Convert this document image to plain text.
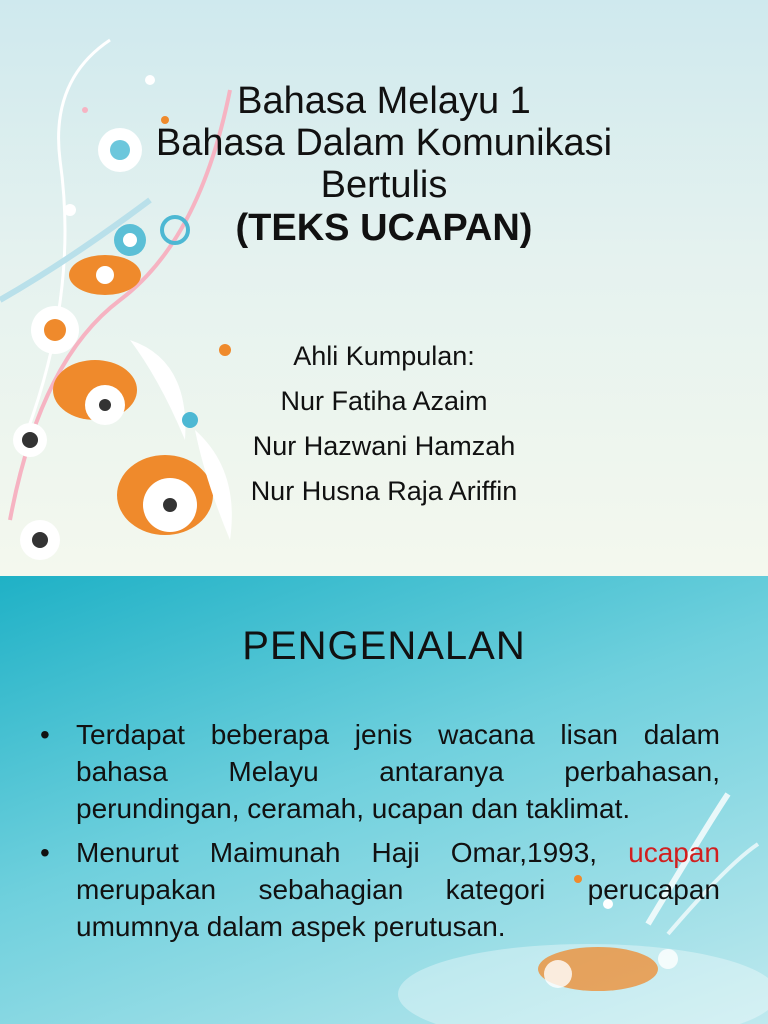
Bahasa Melayu 1
Bahasa Dalam Komunikasi
Bertulis
(TEKS UCAPAN)
Ahli Kumpulan:
Nur Fatiha Azaim
Nur Hazwani Hamzah
Nur Husna Raja Ariffin
PENGENALAN
• Terdapat beberapa jenis wacana lisan dalam bahasa Melayu antaranya perbahasan, perundingan, ceramah, ucapan dan taklimat.
• Menurut Maimunah Haji Omar,1993, ucapan merupakan sebahagian kategori perucapan umumnya dalam aspek perutusan.
